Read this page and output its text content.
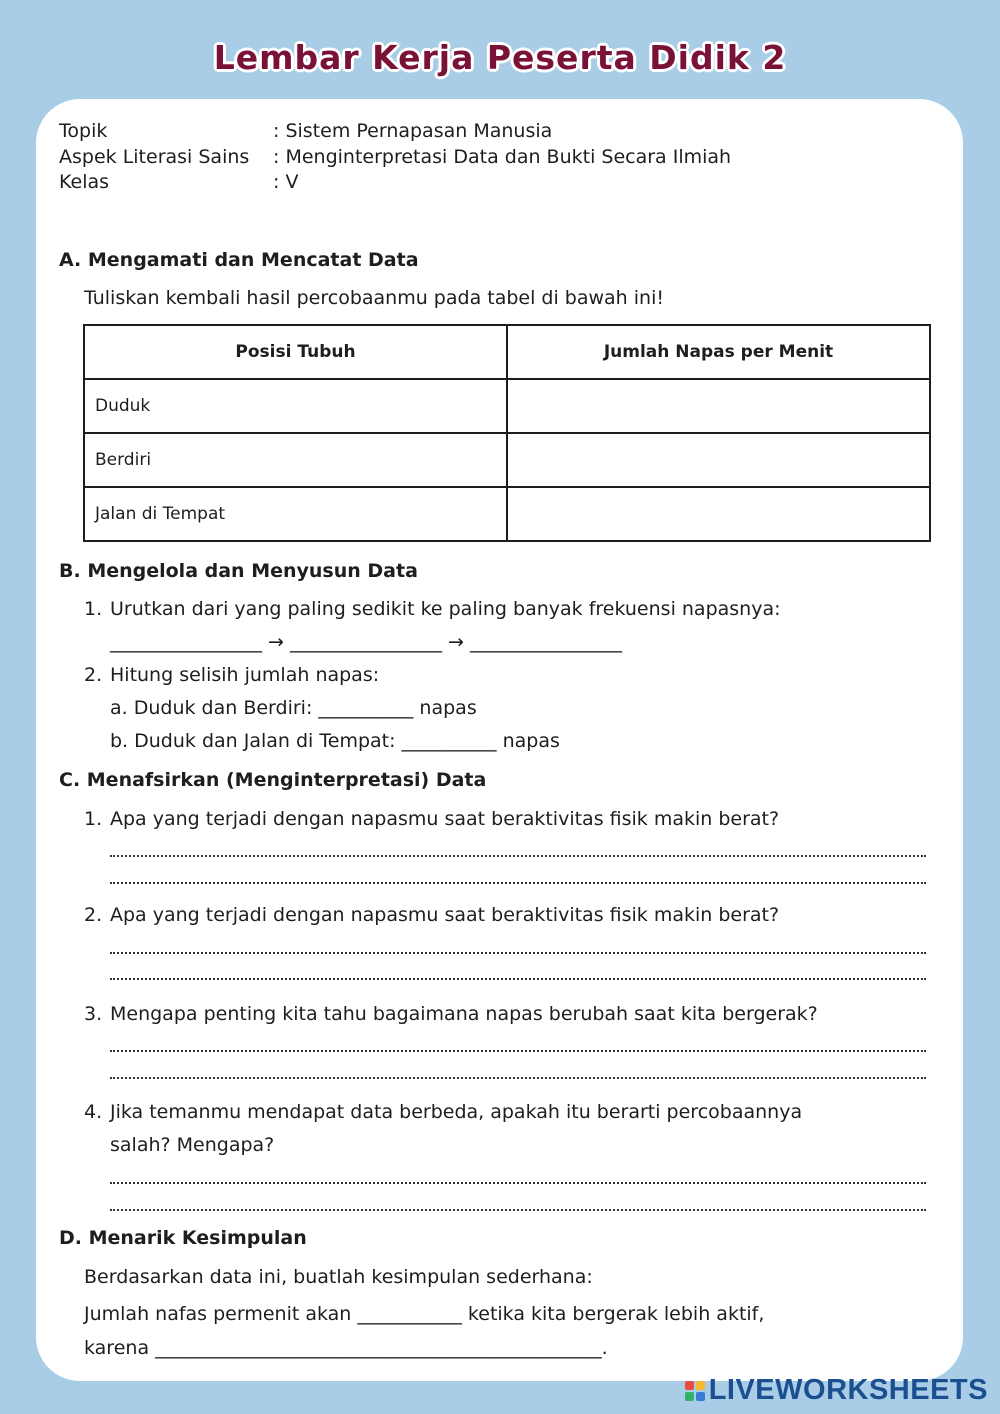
Lembar Kerja Peserta Didik 2
Topik	: Sistem Pernapasan Manusia
Aspek Literasi Sains : Menginterpretasi Data dan Bukti Secara Ilmiah
Kelas	: V
A. Mengamati dan Mencatat Data
Tuliskan kembali hasil percobaanmu pada tabel di bawah ini!
Posisi Tubuh	Jumlah Napas per Menit
Duduk	
Berdiri	
Jalan di Tempat	
B. Mengelola dan Menyusun Data
1. Urutkan dari yang paling sedikit ke paling banyak frekuensi napasnya:
________________ → ________________ → ________________
2. Hitung selisih jumlah napas:
a. Duduk dan Berdiri: __________ napas
b. Duduk dan Jalan di Tempat: __________ napas
C. Menafsirkan (Menginterpretasi) Data
1. Apa yang terjadi dengan napasmu saat beraktivitas fisik makin berat?
2. Apa yang terjadi dengan napasmu saat beraktivitas fisik makin berat?
3. Mengapa penting kita tahu bagaimana napas berubah saat kita bergerak?
4. Jika temanmu mendapat data berbeda, apakah itu berarti percobaannya
salah? Mengapa?
D. Menarik Kesimpulan
Berdasarkan data ini, buatlah kesimpulan sederhana:
Jumlah nafas permenit akan ___________ ketika kita bergerak lebih aktif,
karena _______________________________________________.
LIVEWORKSHEETS
